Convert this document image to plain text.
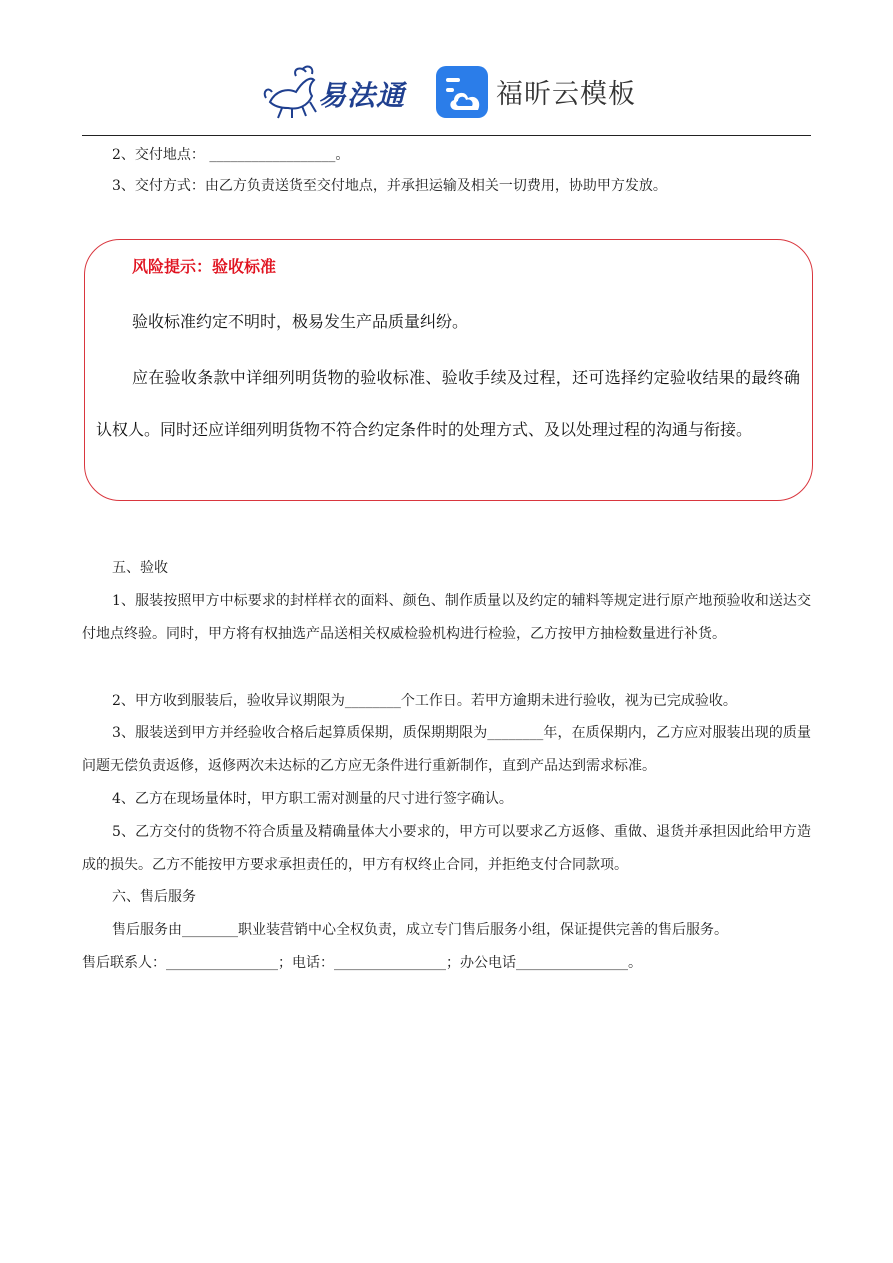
易法通	福昕云模板
2、交付地点： __________________。
3、交付方式：由乙方负责送货至交付地点，并承担运输及相关一切费用，协助甲方发放。
风险提示：验收标准
验收标准约定不明时，极易发生产品质量纠纷。
应在验收条款中详细列明货物的验收标准、验收手续及过程，还可选择约定验收结果的最终确认权人。同时还应详细列明货物不符合约定条件时的处理方式、及以处理过程的沟通与衔接。
五、验收
1、服装按照甲方中标要求的封样样衣的面料、颜色、制作质量以及约定的辅料等规定进行原产地预验收和送达交付地点终验。同时，甲方将有权抽选产品送相关权威检验机构进行检验，乙方按甲方抽检数量进行补货。
2、甲方收到服装后，验收异议期限为________个工作日。若甲方逾期未进行验收，视为已完成验收。
3、服装送到甲方并经验收合格后起算质保期，质保期期限为________年，在质保期内，乙方应对服装出现的质量问题无偿负责返修，返修两次未达标的乙方应无条件进行重新制作，直到产品达到需求标准。
4、乙方在现场量体时，甲方职工需对测量的尺寸进行签字确认。
5、乙方交付的货物不符合质量及精确量体大小要求的，甲方可以要求乙方返修、重做、退货并承担因此给甲方造成的损失。乙方不能按甲方要求承担责任的，甲方有权终止合同，并拒绝支付合同款项。
六、售后服务
售后服务由________职业装营销中心全权负责，成立专门售后服务小组，保证提供完善的售后服务。
售后联系人：________________；电话：________________；办公电话________________。
